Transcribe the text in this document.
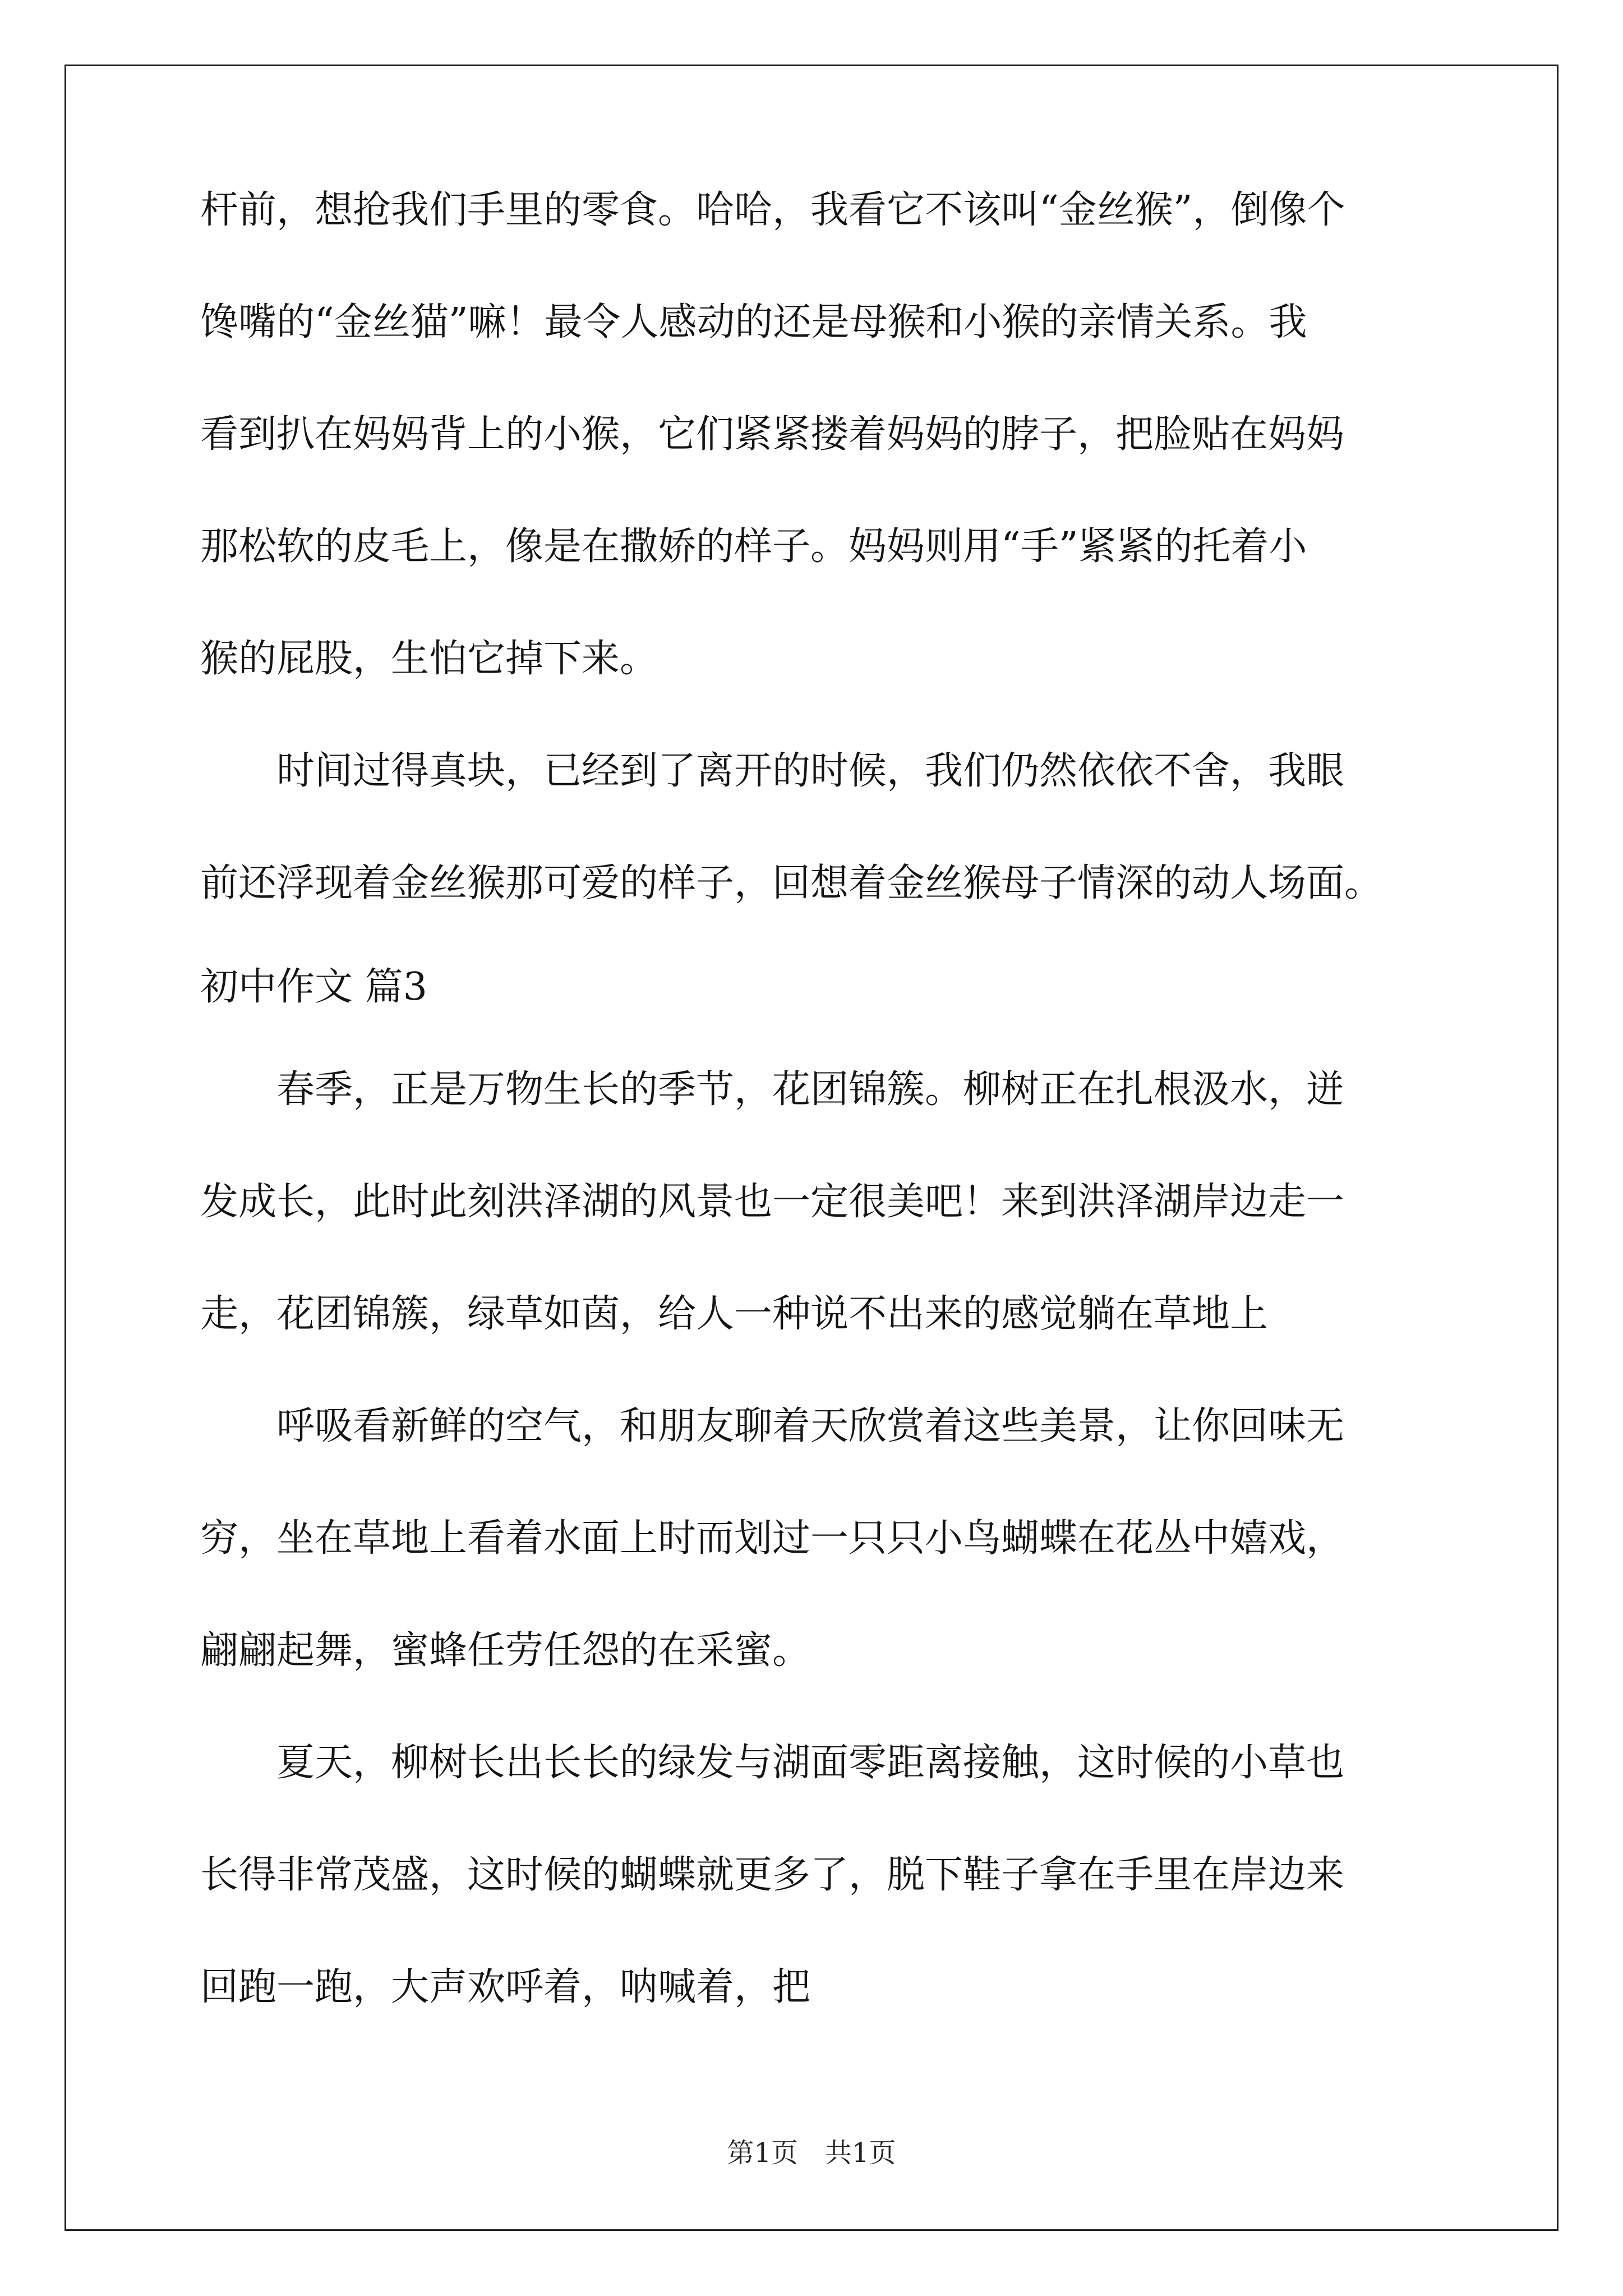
杆前，想抢我们手里的零食。哈哈，我看它不该叫“金丝猴”，倒像个
馋嘴的“金丝猫”嘛！最令人感动的还是母猴和小猴的亲情关系。我
看到扒在妈妈背上的小猴，它们紧紧搂着妈妈的脖子，把脸贴在妈妈
那松软的皮毛上，像是在撒娇的样子。妈妈则用“手”紧紧的托着小
猴的屁股，生怕它掉下来。
　　时间过得真块，已经到了离开的时候，我们仍然依依不舍，我眼
前还浮现着金丝猴那可爱的样子，回想着金丝猴母子情深的动人场面。
初中作文 篇3
　　春季，正是万物生长的季节，花团锦簇。柳树正在扎根汲水，迸
发成长，此时此刻洪泽湖的风景也一定很美吧！来到洪泽湖岸边走一
走，花团锦簇，绿草如茵，给人一种说不出来的感觉躺在草地上
　　呼吸看新鲜的空气，和朋友聊着天欣赏着这些美景，让你回味无
穷，坐在草地上看着水面上时而划过一只只小鸟蝴蝶在花丛中嬉戏，
翩翩起舞，蜜蜂任劳任怨的在采蜜。
　　夏天，柳树长出长长的绿发与湖面零距离接触，这时候的小草也
长得非常茂盛，这时候的蝴蝶就更多了，脱下鞋子拿在手里在岸边来
回跑一跑，大声欢呼着，呐喊着，把
第1页　共1页
